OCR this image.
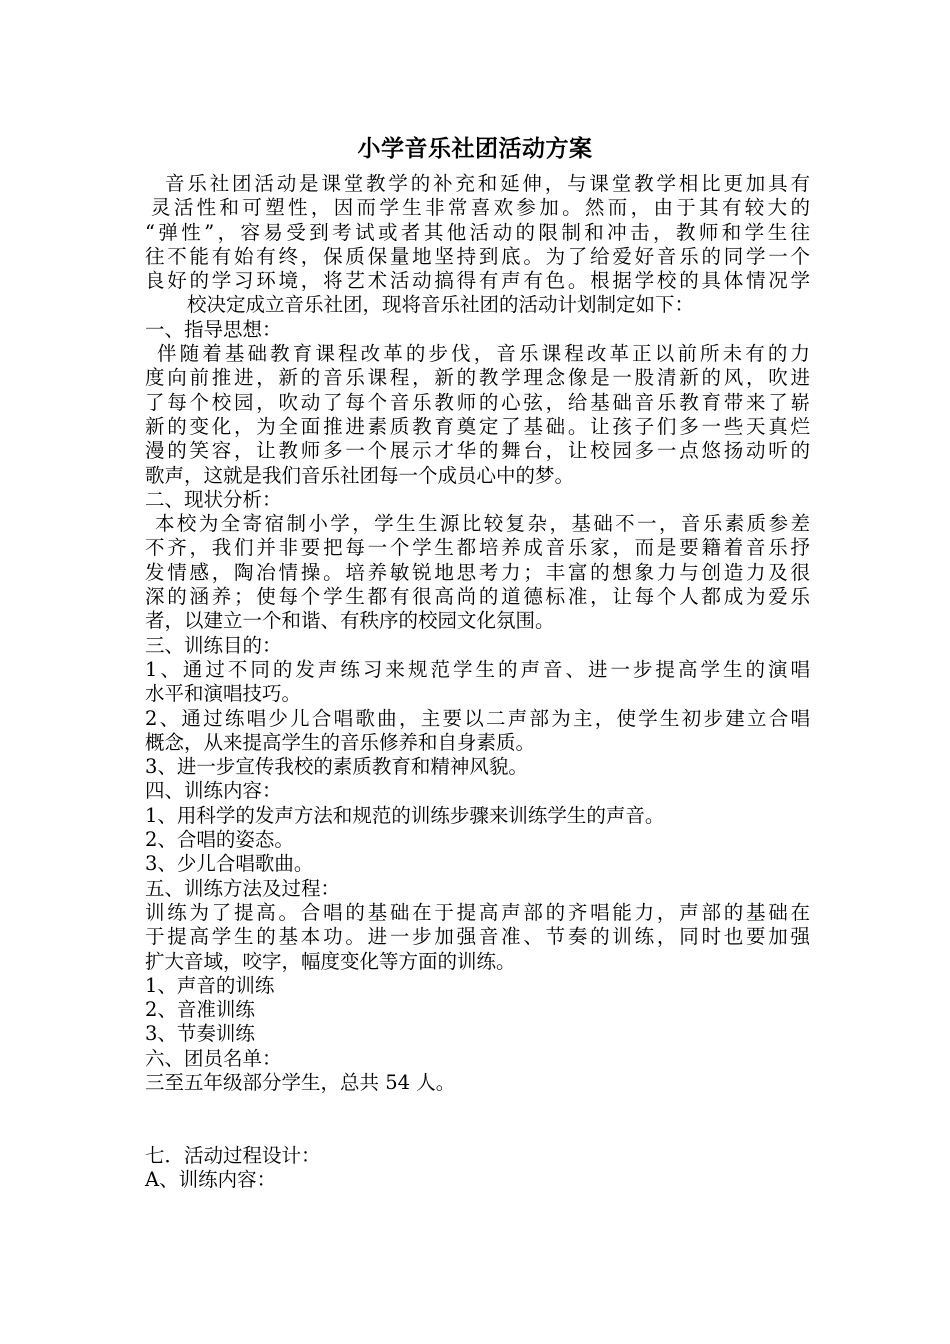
小学音乐社团活动方案
音乐社团活动是课堂教学的补充和延伸，与课堂教学相比更加具有
灵活性和可塑性，因而学生非常喜欢参加。然而，由于其有较大的
“弹性”，容易受到考试或者其他活动的限制和冲击，教师和学生往
往不能有始有终，保质保量地坚持到底。为了给爱好音乐的同学一个
良好的学习环境，将艺术活动搞得有声有色。根据学校的具体情况学
校决定成立音乐社团，现将音乐社团的活动计划制定如下：
一、指导思想：
伴随着基础教育课程改革的步伐，音乐课程改革正以前所未有的力
度向前推进，新的音乐课程，新的教学理念像是一股清新的风，吹进
了每个校园，吹动了每个音乐教师的心弦，给基础音乐教育带来了崭
新的变化，为全面推进素质教育奠定了基础。让孩子们多一些天真烂
漫的笑容，让教师多一个展示才华的舞台，让校园多一点悠扬动听的
歌声，这就是我们音乐社团每一个成员心中的梦。
二、现状分析：
本校为全寄宿制小学，学生生源比较复杂，基础不一，音乐素质参差
不齐，我们并非要把每一个学生都培养成音乐家，而是要籍着音乐抒
发情感，陶冶情操。培养敏锐地思考力；丰富的想象力与创造力及很
深的涵养；使每个学生都有很高尚的道德标准，让每个人都成为爱乐
者，以建立一个和谐、有秩序的校园文化氛围。
三、训练目的：
1、通过不同的发声练习来规范学生的声音、进一步提高学生的演唱
水平和演唱技巧。
2、通过练唱少儿合唱歌曲，主要以二声部为主，使学生初步建立合唱
概念，从来提高学生的音乐修养和自身素质。
3、进一步宣传我校的素质教育和精神风貌。
四、训练内容：
1、用科学的发声方法和规范的训练步骤来训练学生的声音。
2、合唱的姿态。
3、少儿合唱歌曲。
五、训练方法及过程：
训练为了提高。合唱的基础在于提高声部的齐唱能力，声部的基础在
于提高学生的基本功。进一步加强音准、节奏的训练，同时也要加强
扩大音域，咬字，幅度变化等方面的训练。
1、声音的训练
2、音准训练
3、节奏训练
六、团员名单：
三至五年级部分学生，总共 54 人。
七．活动过程设计：
A、训练内容：
